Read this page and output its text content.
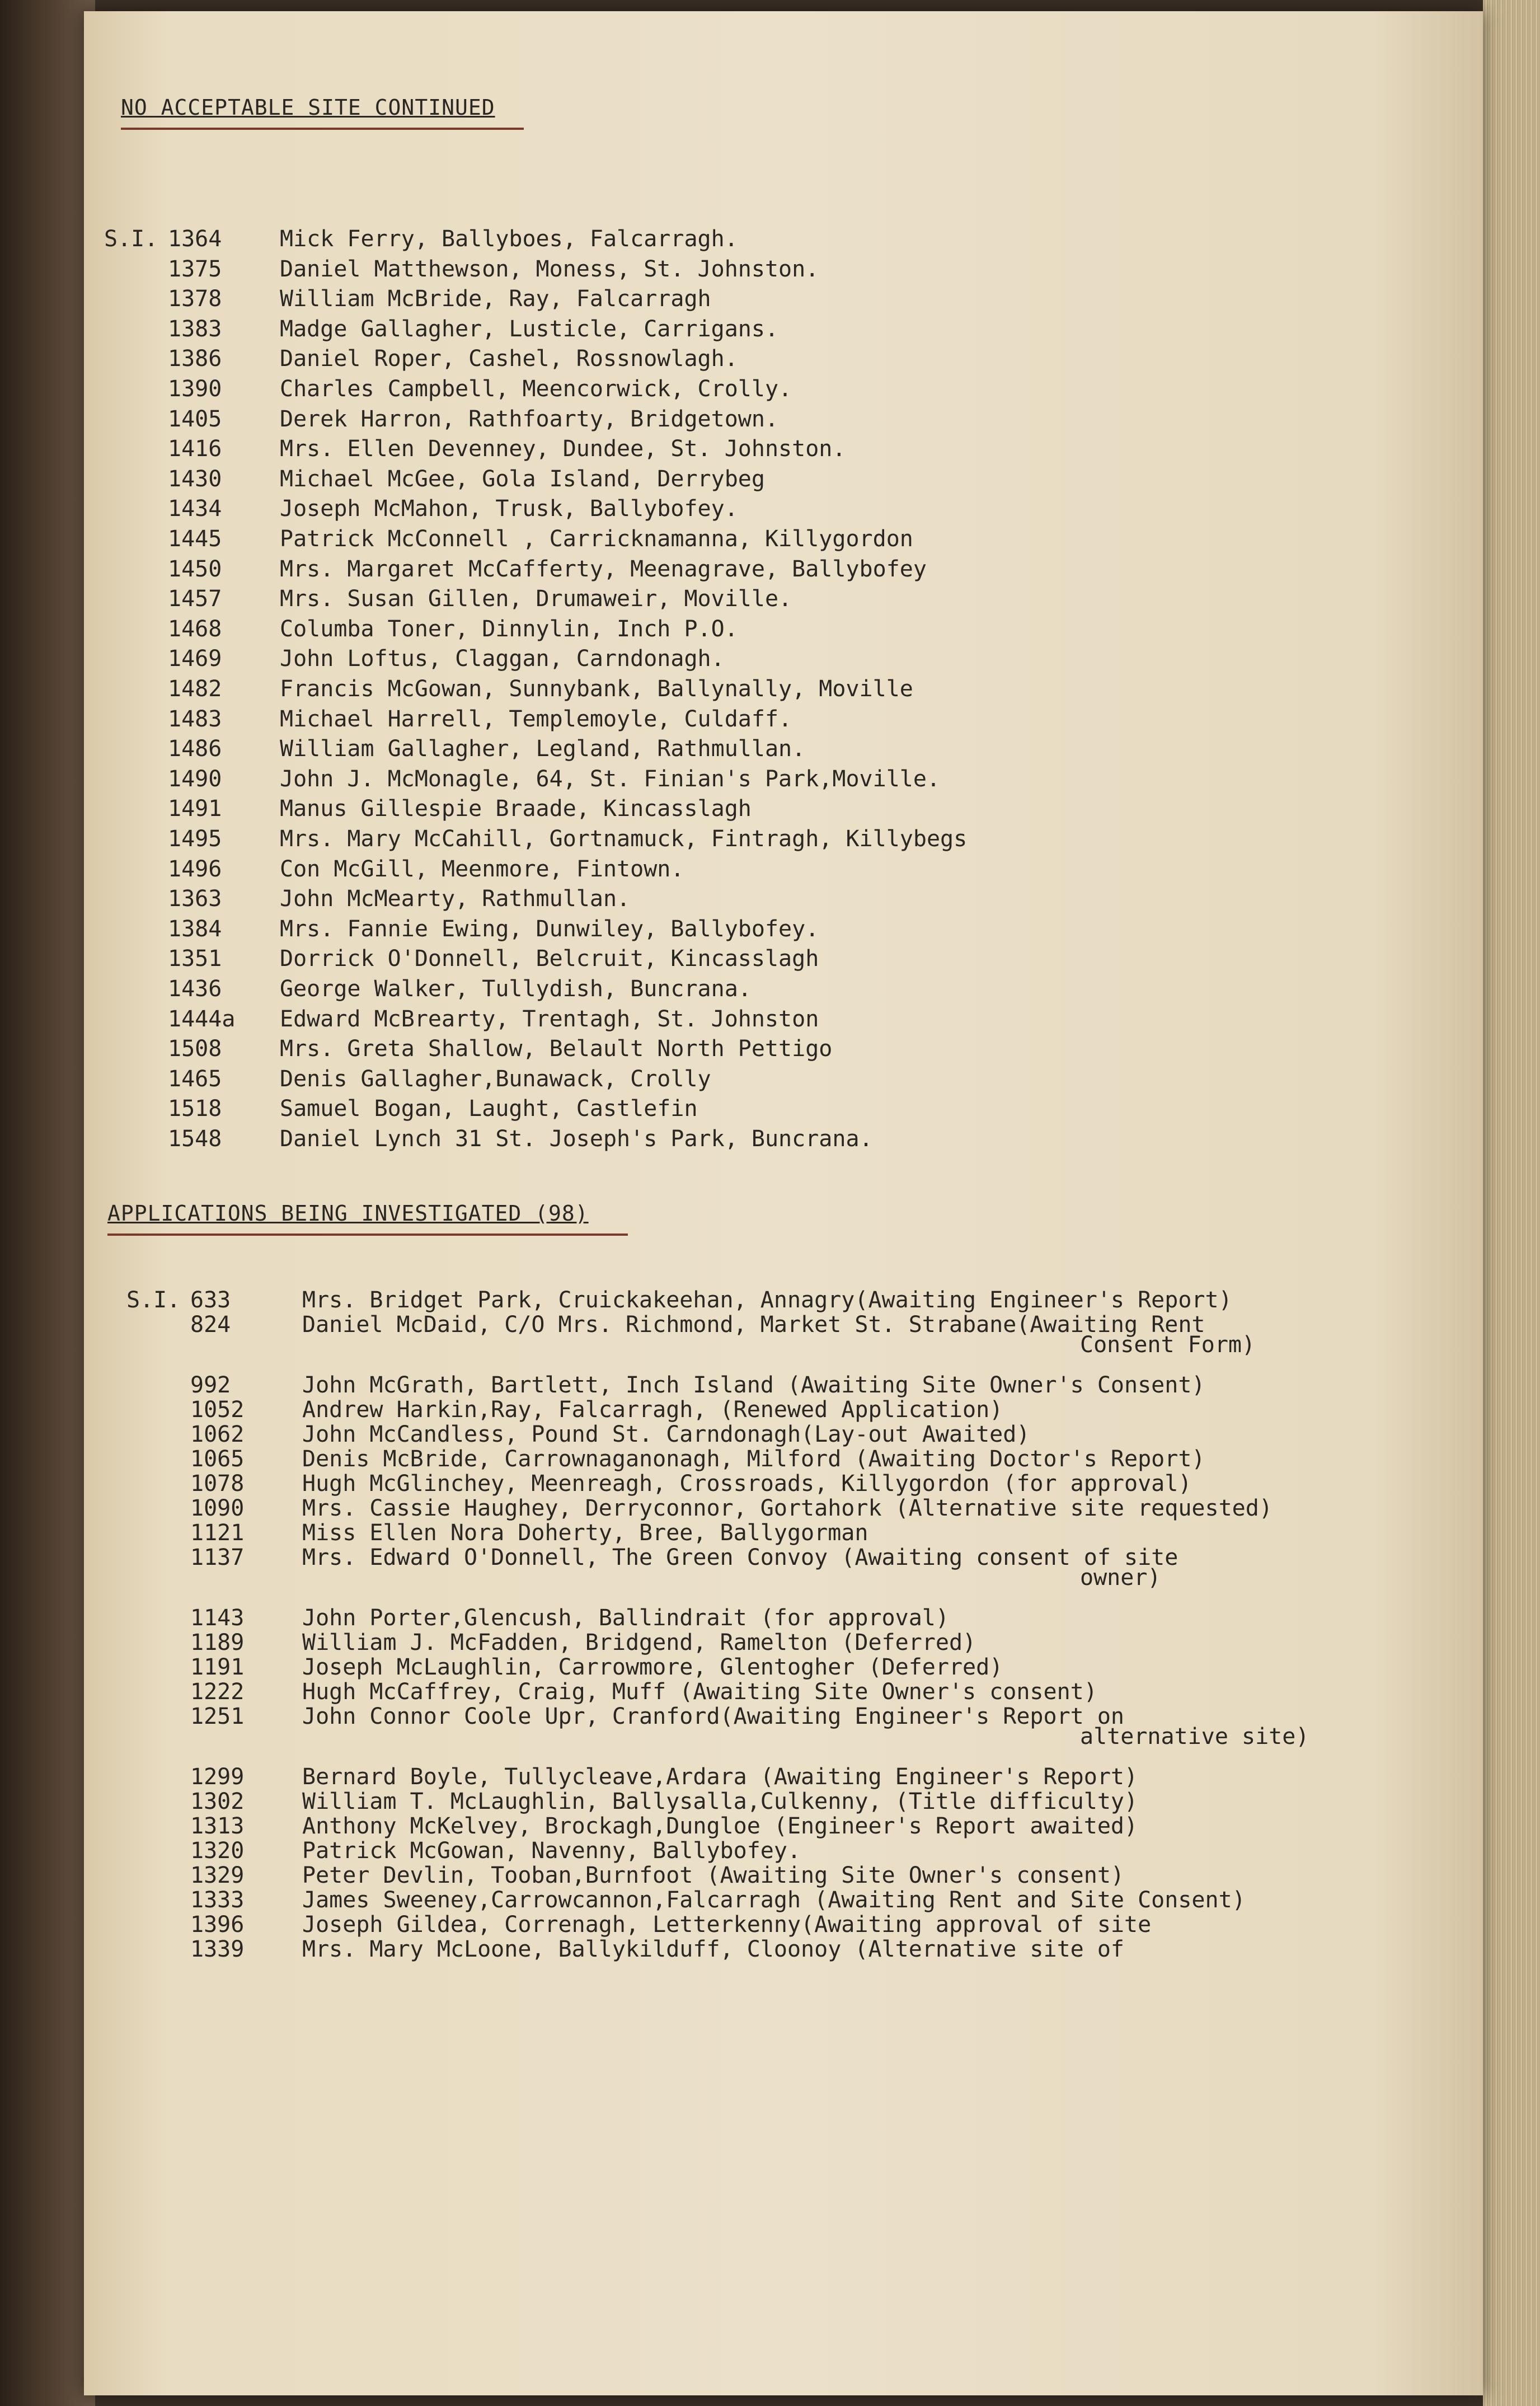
NO ACCEPTABLE SITE CONTINUED
S.I.
APPLICATIONS BEING INVESTIGATED (98)
S.I.
1364	Mick Ferry, Ballyboes, Falcarragh.
1375	Daniel Matthewson, Moness, St. Johnston.
1378	William McBride, Ray, Falcarragh
1383	Madge Gallagher, Lusticle, Carrigans.
1386	Daniel Roper, Cashel, Rossnowlagh.
1390	Charles Campbell, Meencorwick, Crolly.
1405	Derek Harron, Rathfoarty, Bridgetown.
1416	Mrs. Ellen Devenney, Dundee, St. Johnston.
1430	Michael McGee, Gola Island, Derrybeg
1434	Joseph McMahon, Trusk, Ballybofey.
1445	Patrick McConnell , Carricknamanna, Killygordon
1450	Mrs. Margaret McCafferty, Meenagrave, Ballybofey
1457	Mrs. Susan Gillen, Drumaweir, Moville.
1468	Columba Toner, Dinnylin, Inch P.O.
1469	John Loftus, Claggan, Carndonagh.
1482	Francis McGowan, Sunnybank, Ballynally, Moville
1483	Michael Harrell, Templemoyle, Culdaff.
1486	William Gallagher, Legland, Rathmullan.
1490	John J. McMonagle, 64, St. Finian's Park,Moville.
1491	Manus Gillespie Braade, Kincasslagh
1495	Mrs. Mary McCahill, Gortnamuck, Fintragh, Killybegs
1496	Con McGill, Meenmore, Fintown.
1363	John McMearty, Rathmullan.
1384	Mrs. Fannie Ewing, Dunwiley, Ballybofey.
1351	Dorrick O'Donnell, Belcruit, Kincasslagh
1436	George Walker, Tullydish, Buncrana.
1444a	Edward McBrearty, Trentagh, St. Johnston
1508	Mrs. Greta Shallow, Belault North Pettigo
1465	Denis Gallagher,Bunawack, Crolly
1518	Samuel Bogan, Laught, Castlefin
1548	Daniel Lynch 31 St. Joseph's Park, Buncrana.
633	Mrs. Bridget Park, Cruickakeehan, Annagry(Awaiting Engineer's Report)
824	Daniel McDaid, C/O Mrs. Richmond, Market St. Strabane(Awaiting Rent
Consent Form)
992	John McGrath, Bartlett, Inch Island (Awaiting Site Owner's Consent)
1052	Andrew Harkin,Ray, Falcarragh, (Renewed Application)
1062	John McCandless, Pound St. Carndonagh(Lay-out Awaited)
1065	Denis McBride, Carrownaganonagh, Milford (Awaiting Doctor's Report)
1078	Hugh McGlinchey, Meenreagh, Crossroads, Killygordon (for approval)
1090	Mrs. Cassie Haughey, Derryconnor, Gortahork (Alternative site requested)
1121	Miss Ellen Nora Doherty, Bree, Ballygorman
1137	Mrs. Edward O'Donnell, The Green Convoy (Awaiting consent of site
owner)
1143	John Porter,Glencush, Ballindrait (for approval)
1189	William J. McFadden, Bridgend, Ramelton (Deferred)
1191	Joseph McLaughlin, Carrowmore, Glentogher (Deferred)
1222	Hugh McCaffrey, Craig, Muff (Awaiting Site Owner's consent)
1251	John Connor Coole Upr, Cranford(Awaiting Engineer's Report on
alternative site)
1299	Bernard Boyle, Tullycleave,Ardara (Awaiting Engineer's Report)
1302	William T. McLaughlin, Ballysalla,Culkenny, (Title difficulty)
1313	Anthony McKelvey, Brockagh,Dungloe (Engineer's Report awaited)
1320	Patrick McGowan, Navenny, Ballybofey.
1329	Peter Devlin, Tooban,Burnfoot (Awaiting Site Owner's consent)
1333	James Sweeney,Carrowcannon,Falcarragh (Awaiting Rent and Site Consent)
1396	Joseph Gildea, Correnagh, Letterkenny(Awaiting approval of site
1339	Mrs. Mary McLoone, Ballykilduff, Cloonoy (Alternative site of
